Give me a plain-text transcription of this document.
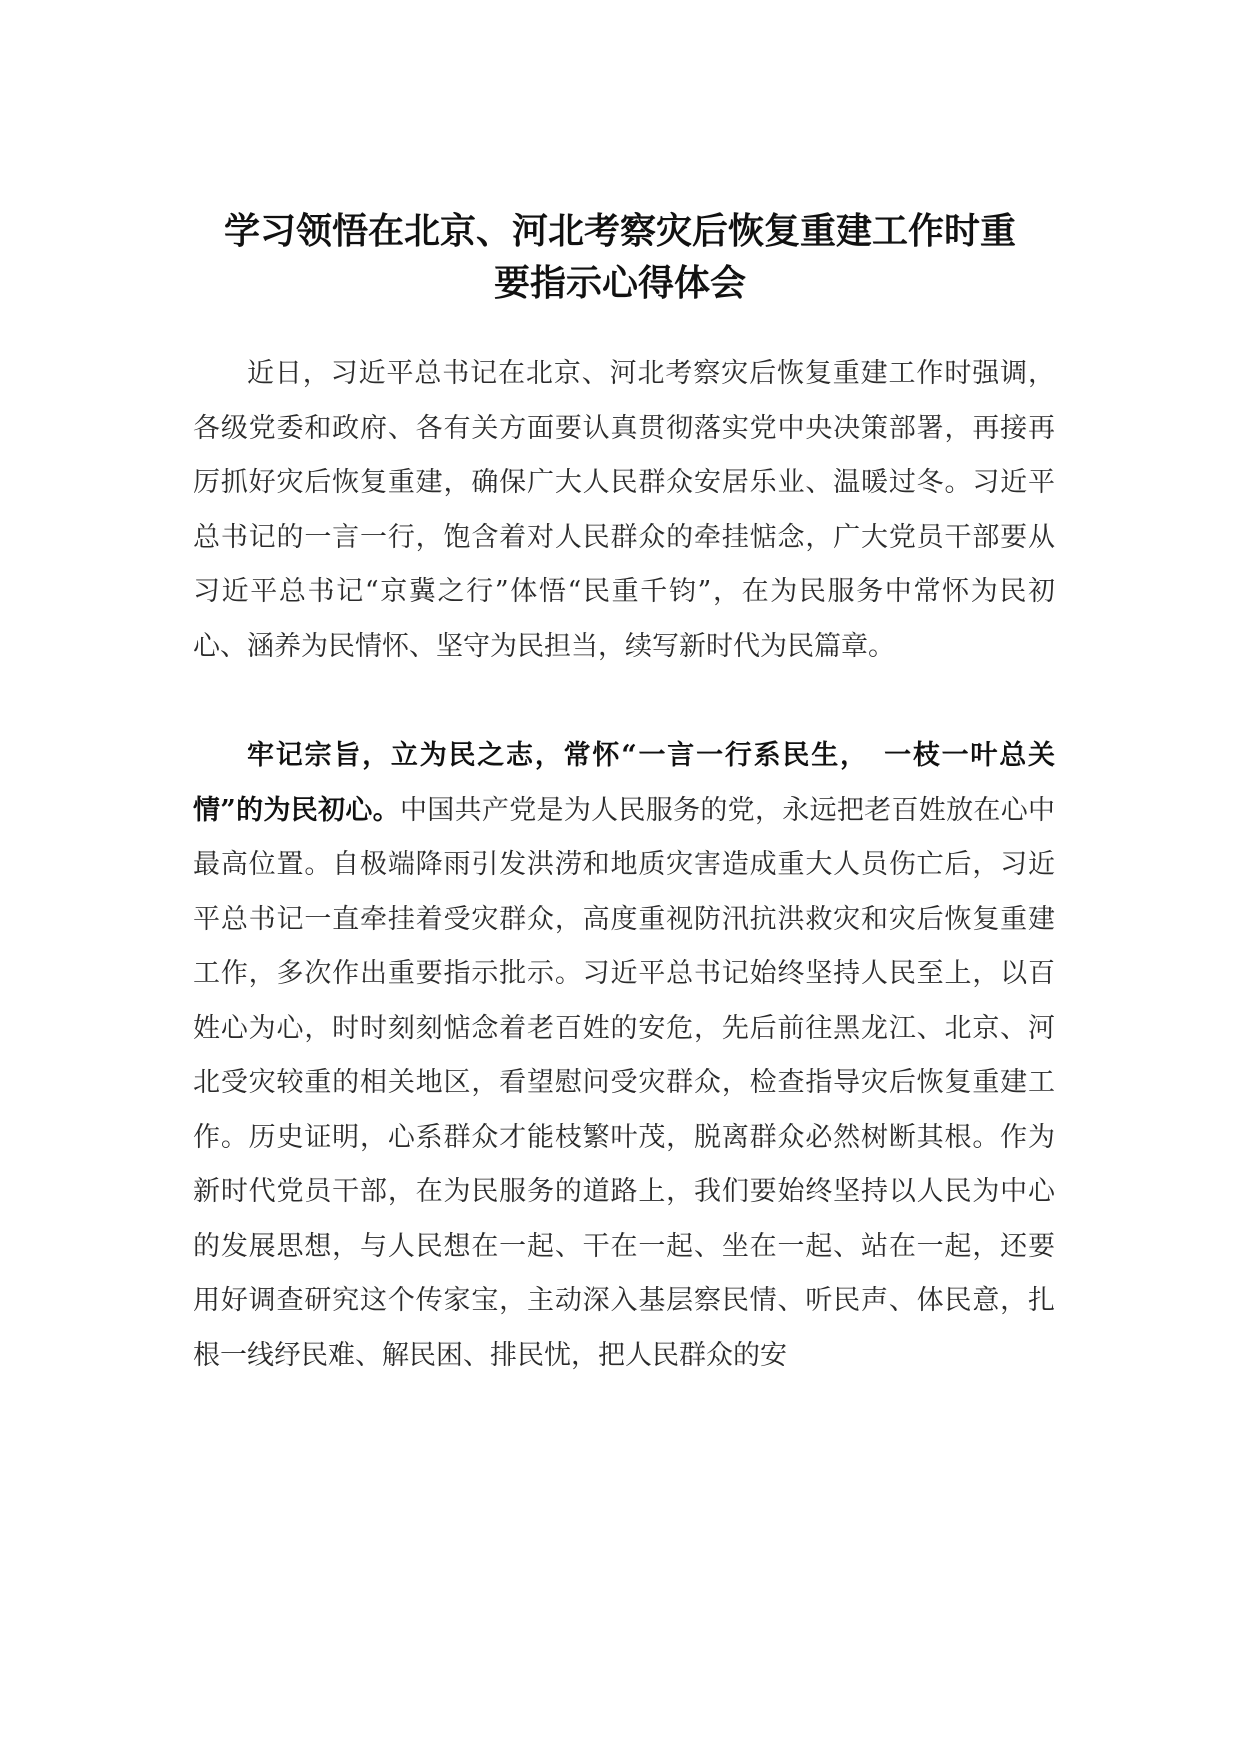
学习领悟在北京、河北考察灾后恢复重建工作时重
要指示心得体会

近日，习近平总书记在北京、河北考察灾后恢复重建工作时强调，各级党委和政府、各有关方面要认真贯彻落实党中央决策部署，再接再厉抓好灾后恢复重建，确保广大人民群众安居乐业、温暖过冬。习近平总书记的一言一行，饱含着对人民群众的牵挂惦念，广大党员干部要从习近平总书记“京冀之行”体悟“民重千钧”，在为民服务中常怀为民初心、涵养为民情怀、坚守为民担当，续写新时代为民篇章。

牢记宗旨，立为民之志，常怀“一言一行系民生，　一枝一叶总关情”的为民初心。中国共产党是为人民服务的党，永远把老百姓放在心中最高位置。自极端降雨引发洪涝和地质灾害造成重大人员伤亡后，习近平总书记一直牵挂着受灾群众，高度重视防汛抗洪救灾和灾后恢复重建工作，多次作出重要指示批示。习近平总书记始终坚持人民至上，以百姓心为心，时时刻刻惦念着老百姓的安危，先后前往黑龙江、北京、河北受灾较重的相关地区，看望慰问受灾群众，检查指导灾后恢复重建工作。历史证明，心系群众才能枝繁叶茂，脱离群众必然树断其根。作为新时代党员干部，在为民服务的道路上，我们要始终坚持以人民为中心的发展思想，与人民想在一起、干在一起、坐在一起、站在一起，还要用好调查研究这个传家宝，主动深入基层察民情、听民声、体民意，扎根一线纾民难、解民困、排民忧，把人民群众的安
